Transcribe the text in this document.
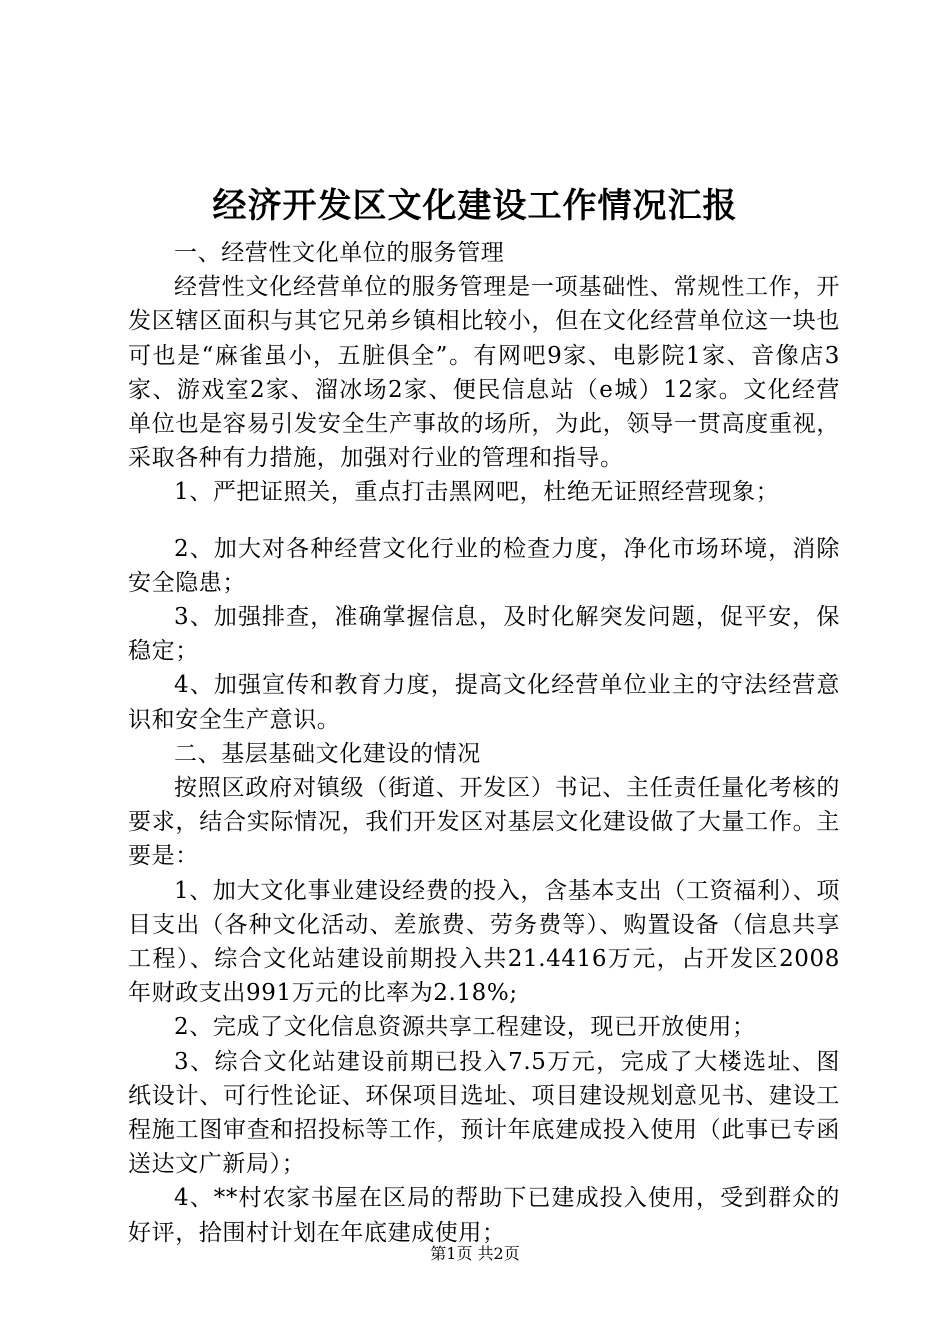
经济开发区文化建设工作情况汇报

一、经营性文化单位的服务管理

经营性文化经营单位的服务管理是一项基础性、常规性工作，开发区辖区面积与其它兄弟乡镇相比较小，但在文化经营单位这一块也可也是“麻雀虽小，五脏俱全”。有网吧9家、电影院1家、音像店3家、游戏室2家、溜冰场2家、便民信息站（e城）12家。文化经营单位也是容易引发安全生产事故的场所，为此，领导一贯高度重视，采取各种有力措施，加强对行业的管理和指导。

1、严把证照关，重点打击黑网吧，杜绝无证照经营现象；

2、加大对各种经营文化行业的检查力度，净化市场环境，消除安全隐患；

3、加强排查，准确掌握信息，及时化解突发问题，促平安，保稳定；

4、加强宣传和教育力度，提高文化经营单位业主的守法经营意识和安全生产意识。

二、基层基础文化建设的情况

按照区政府对镇级（街道、开发区）书记、主任责任量化考核的要求，结合实际情况，我们开发区对基层文化建设做了大量工作。主要是：

1、加大文化事业建设经费的投入，含基本支出（工资福利）、项目支出（各种文化活动、差旅费、劳务费等）、购置设备（信息共享工程）、综合文化站建设前期投入共21.4416万元，占开发区2008年财政支出991万元的比率为2.18%;

2、完成了文化信息资源共享工程建设，现已开放使用；

3、综合文化站建设前期已投入7.5万元，完成了大楼选址、图纸设计、可行性论证、环保项目选址、项目建设规划意见书、建设工程施工图审查和招投标等工作，预计年底建成投入使用（此事已专函送达文广新局）；

4、**村农家书屋在区局的帮助下已建成投入使用，受到群众的好评，拾围村计划在年底建成使用；

第1页 共2页
